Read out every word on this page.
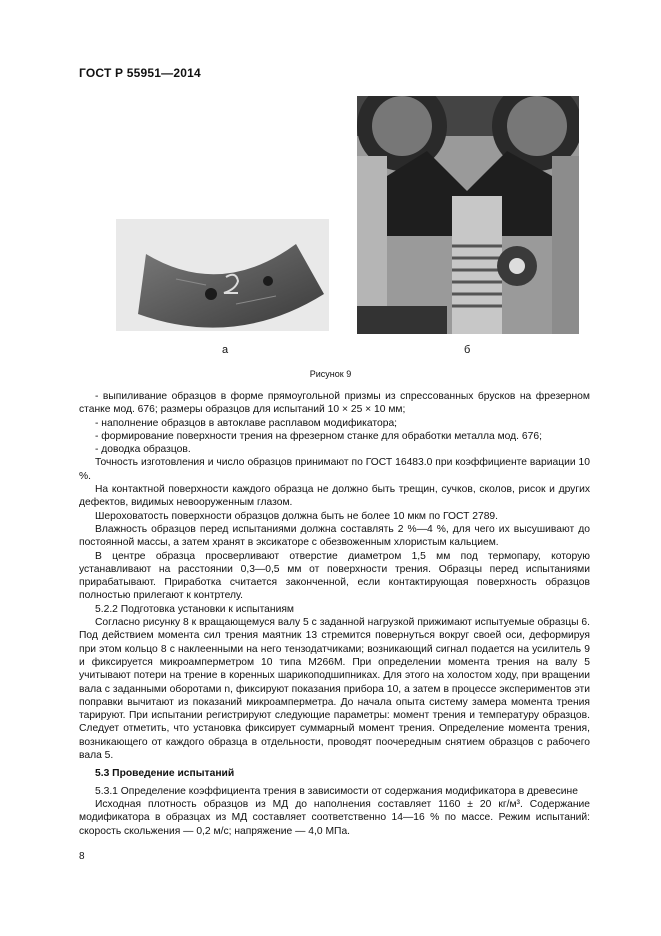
ГОСТ Р 55951—2014
а	б
Рисунок 9

- выпиливание образцов в форме прямоугольной призмы из спрессованных брусков на фрезерном станке мод. 676; размеры образцов для испытаний 10 × 25 × 10 мм;

- наполнение образцов в автоклаве расплавом модификатора;

- формирование поверхности трения на фрезерном станке для обработки металла мод. 676;

- доводка образцов.

Точность изготовления и число образцов принимают по ГОСТ 16483.0 при коэффициенте вариации 10 %.

На контактной поверхности каждого образца не должно быть трещин, сучков, сколов, рисок и других дефектов, видимых невооруженным глазом.

Шероховатость поверхности образцов должна быть не более 10 мкм по ГОСТ 2789.

Влажность образцов перед испытаниями должна составлять 2 %—4 %, для чего их высушивают до постоянной массы, а затем хранят в эксикаторе с обезвоженным хлористым кальцием.

В центре образца просверливают отверстие диаметром 1,5 мм под термопару, которую устанавливают на расстоянии 0,3—0,5 мм от поверхности трения. Образцы перед испытаниями прирабатывают. Приработка считается законченной, если контактирующая поверхность образцов полностью прилегают к контртелу.

5.2.2 Подготовка установки к испытаниям

Согласно рисунку 8 к вращающемуся валу 5 с заданной нагрузкой прижимают испытуемые образцы 6. Под действием момента сил трения маятник 13 стремится повернуться вокруг своей оси, деформируя при этом кольцо 8 с наклеенными на него тензодатчиками; возникающий сигнал подается на усилитель 9 и фиксируется микроамперметром 10 типа М266М. При определении момента трения на валу 5 учитывают потери на трение в коренных шарикоподшипниках. Для этого на холостом ходу, при вращении вала с заданными оборотами n, фиксируют показания прибора 10, а затем в процессе экспериментов эти поправки вычитают из показаний микроамперметра. До начала опыта систему замера момента трения тарируют. При испытании регистрируют следующие параметры: момент трения и температуру образцов. Следует отметить, что установка фиксирует суммарный момент трения. Определение момента трения, возникающего от каждого образца в отдельности, проводят поочередным снятием образцов с рабочего вала 5.

5.3 Проведение испытаний

5.3.1 Определение коэффициента трения в зависимости от содержания модификатора в древесине

Исходная плотность образцов из МД до наполнения составляет 1160 ± 20 кг/м³. Содержание модификатора в образцах из МД составляет соответственно 14—16 % по массе. Режим испытаний: скорость скольжения — 0,2 м/с; напряжение — 4,0 МПа.

8
